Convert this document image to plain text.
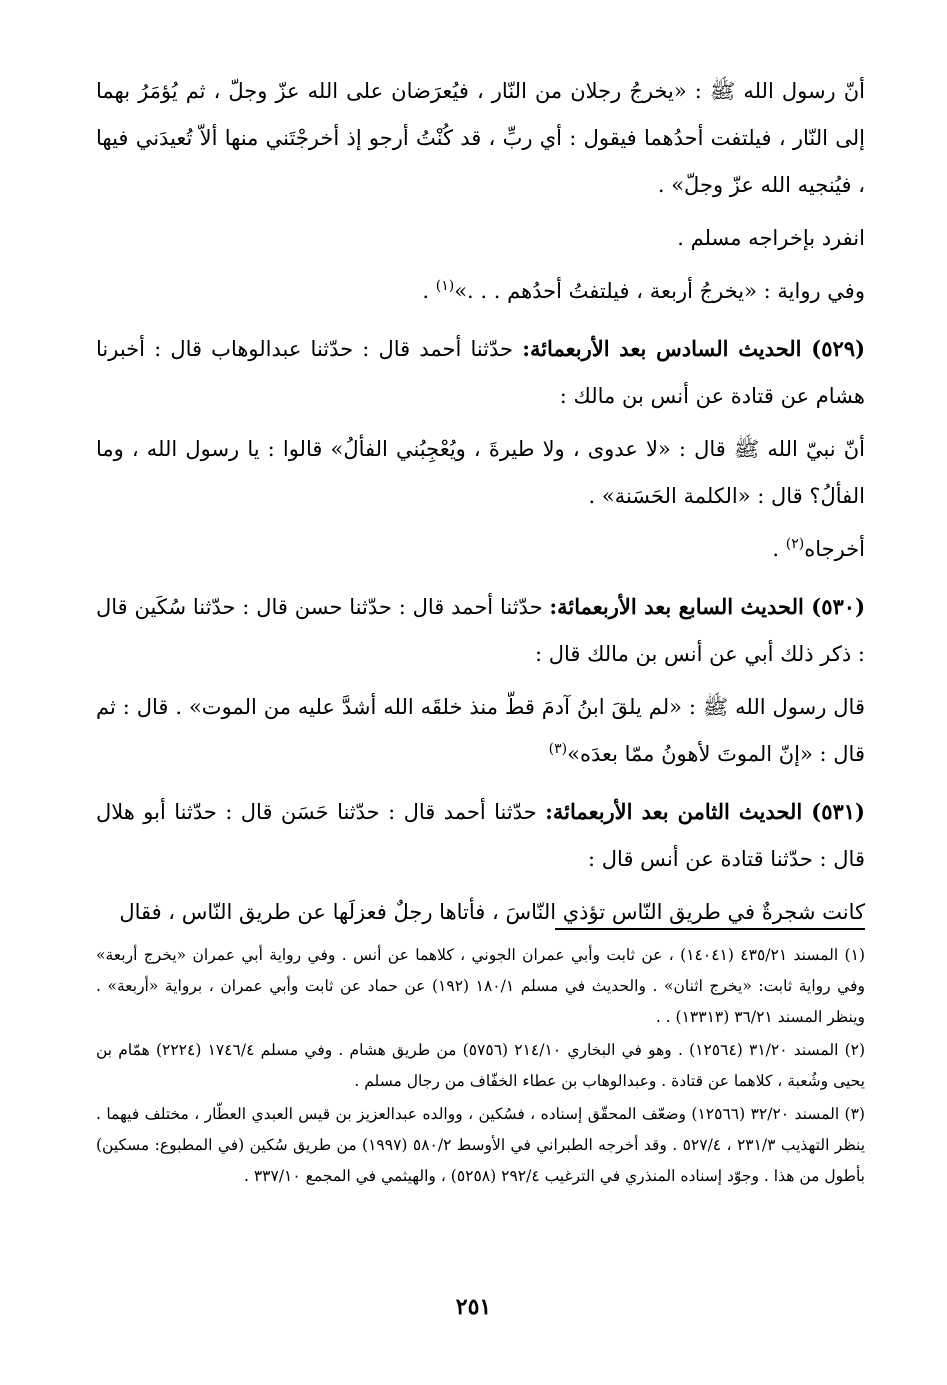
أنّ رسول الله ﷺ : «يخرجُ رجلان من النّار ، فيُعرَضان على الله عزّ وجلّ ، ثم يُؤمَرُ بهما إلى النّار ، فيلتفت أحدُهما فيقول : أي ربِّ ، قد كُنْتُ أرجو إذ أخرجْتَني منها ألاّ تُعيدَني فيها ، فيُنجيه الله عزّ وجلّ» .

انفرد بإخراجه مسلم .

وفي رواية : «يخرجُ أربعة ، فيلتفتُ أحدُهم . . .»$^{(١)}$ .

(٥٢٩) الحديث السادس بعد الأربعمائة: حدّثنا أحمد قال : حدّثنا عبدالوهاب قال : أخبرنا هشام عن قتادة عن أنس بن مالك :

أنّ نبيّ الله ﷺ قال : «لا عدوى ، ولا طيرةَ ، ويُعْجِبُني الفألُ» قالوا : يا رسول الله ، وما الفألُ؟ قال : «الكلمة الحَسَنة» .

أخرجاه$^{(٢)}$ .

(٥٣٠) الحديث السابع بعد الأربعمائة: حدّثنا أحمد قال : حدّثنا حسن قال : حدّثنا سُكَين قال : ذكر ذلك أبي عن أنس بن مالك قال :

قال رسول الله ﷺ : «لم يلقَ ابنُ آدمَ قطّ منذ خلقَه الله أشدَّ عليه من الموت» . قال : ثم قال : «إنّ الموتَ لأهونُ ممّا بعدَه»$^{(٣)}$

(٥٣١) الحديث الثامن بعد الأربعمائة: حدّثنا أحمد قال : حدّثنا حَسَن قال : حدّثنا أبو هلال قال : حدّثنا قتادة عن أنس قال :

كانت شجرةٌ في طريق النّاس تؤذي النّاسَ ، فأتاها رجلٌ فعزلَها عن طريق النّاس ، فقال

(١) المسند ٤٣٥/٢١ (١٤٠٤١) ، عن ثابت وأبي عمران الجوني ، كلاهما عن أنس . وفي رواية أبي عمران «يخرج أربعة» وفي رواية ثابت: «يخرج اثنان» . والحديث في مسلم ١٨٠/١ (١٩٢) عن حماد عن ثابت وأبي عمران ، برواية «أربعة» . وينظر المسند ٣٦/٢١ (١٣٣١٣) . .

(٢) المسند ٣١/٢٠ (١٢٥٦٤) . وهو في البخاري ٢١٤/١٠ (٥٧٥٦) من طريق هشام . وفي مسلم ١٧٤٦/٤ (٢٢٢٤) همّام بن يحيى وشُعبة ، كلاهما عن قتادة . وعبدالوهاب بن عطاء الخفّاف من رجال مسلم .

(٣) المسند ٣٢/٢٠ (١٢٥٦٦) وضعّف المحقّق إسناده ، فسُكين ، ووالده عبدالعزيز بن قيس العبدي العطّار ، مختلف فيهما . ينظر التهذيب ٢٣١/٣ ، ٥٢٧/٤ . وقد أخرجه الطبراني في الأوسط ٥٨٠/٢ (١٩٩٧) من طريق سُكين (في المطبوع: مسكين) بأطول من هذا . وجوّد إسناده المنذري في الترغيب ٢٩٢/٤ (٥٢٥٨) ، والهيثمي في المجمع ٣٣٧/١٠ .

٢٥١
